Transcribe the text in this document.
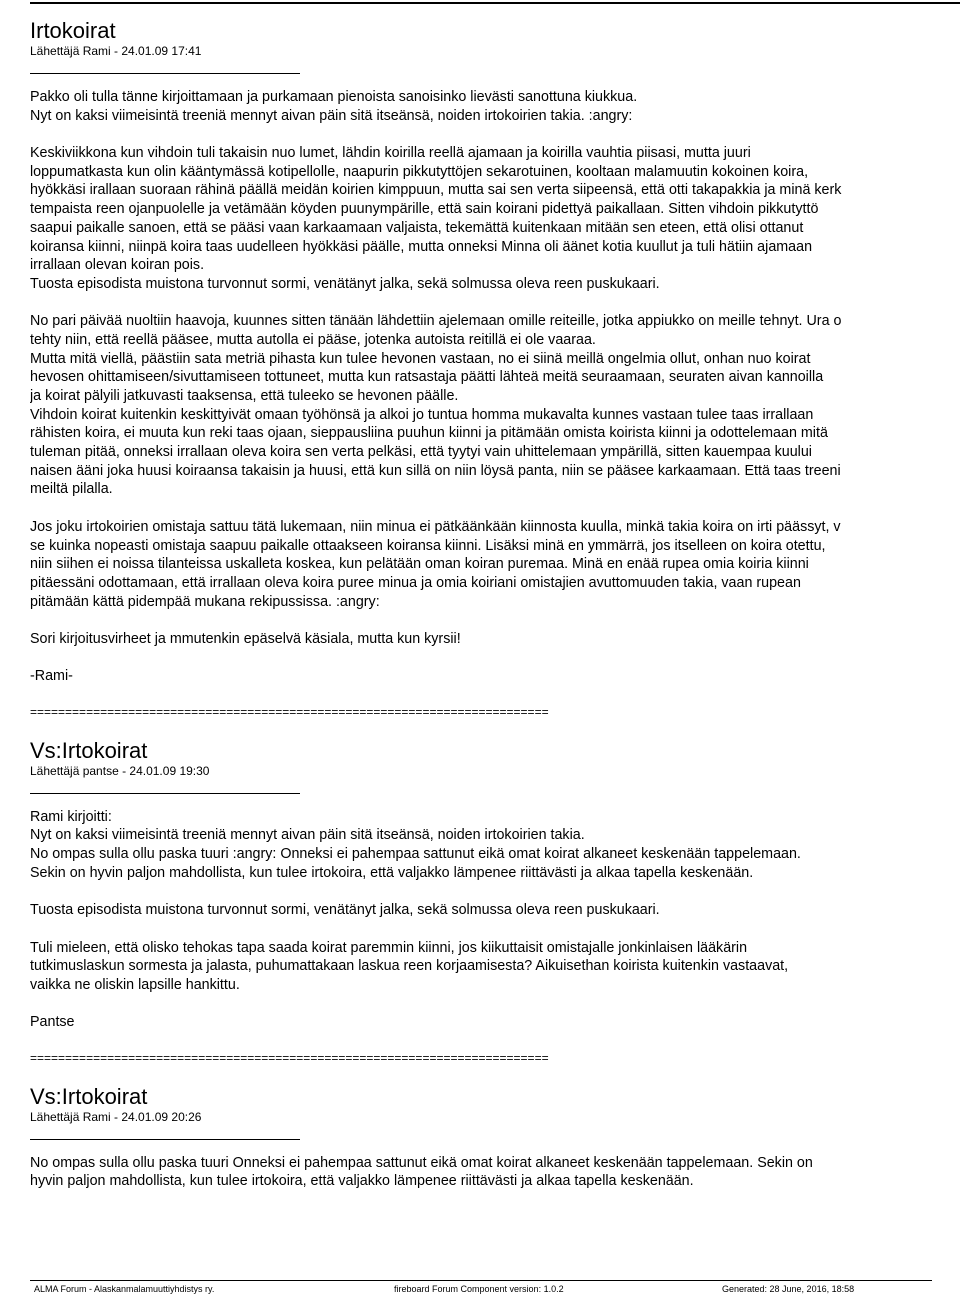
Irtokoirat
Lähettäjä Rami - 24.01.09 17:41
Pakko oli tulla tänne kirjoittamaan ja purkamaan pienoista sanoisinko lievästi sanottuna kiukkua.
Nyt on kaksi viimeisintä treeniä mennyt aivan päin sitä itseänsä, noiden irtokoirien takia. :angry:
Keskiviikkona kun vihdoin tuli takaisin nuo lumet, lähdin koirilla reellä ajamaan ja koirilla vauhtia piisasi, mutta juuri
loppumatkasta kun olin kääntymässä kotipellolle, naapurin pikkutyttöjen sekarotuinen, kooltaan malamuutin kokoinen koira,
hyökkäsi irallaan suoraan rähinä päällä meidän koirien kimppuun, mutta sai sen verta siipeensä, että otti takapakkia ja minä kerk
tempaista reen ojanpuolelle ja vetämään köyden puunympärille, että sain koirani pidettyä paikallaan. Sitten vihdoin pikkutyttö
saapui paikalle sanoen, että se pääsi vaan karkaamaan valjaista, tekemättä kuitenkaan mitään sen eteen, että olisi ottanut
koiransa kiinni, niinpä koira taas uudelleen hyökkäsi päälle, mutta onneksi Minna oli äänet kotia kuullut ja tuli hätiin ajamaan
irrallaan olevan koiran pois.
Tuosta episodista muistona turvonnut sormi, venätänyt jalka, sekä solmussa oleva reen puskukaari.
No pari päivää nuoltiin haavoja, kuunnes sitten tänään lähdettiin ajelemaan omille reiteille, jotka appiukko on meille tehnyt. Ura o
tehty niin, että reellä pääsee, mutta autolla ei pääse, jotenka autoista reitillä ei ole vaaraa.
Mutta mitä viellä, päästiin sata metriä pihasta kun tulee hevonen vastaan, no ei siinä meillä ongelmia ollut, onhan nuo koirat
hevosen ohittamiseen/sivuttamiseen tottuneet, mutta kun ratsastaja päätti lähteä meitä seuraamaan, seuraten aivan kannoilla
ja koirat pälyili jatkuvasti taaksensa, että tuleeko se hevonen päälle.
Vihdoin koirat kuitenkin keskittyivät omaan työhönsä ja alkoi jo tuntua homma mukavalta kunnes vastaan tulee taas irrallaan
rähisten koira, ei muuta kun reki taas ojaan, sieppausliina puuhun kiinni ja pitämään omista koirista kiinni ja odottelemaan mitä
tuleman pitää, onneksi irrallaan oleva koira sen verta pelkäsi, että tyytyi vain uhittelemaan ympärillä, sitten kauempaa kuului
naisen ääni joka huusi koiraansa takaisin ja huusi, että kun sillä on niin löysä panta, niin se pääsee karkaamaan. Että taas treeni
meiltä pilalla.
Jos joku irtokoirien omistaja sattuu tätä lukemaan, niin minua ei pätkäänkään kiinnosta kuulla, minkä takia koira on irti päässyt, v
se kuinka nopeasti omistaja saapuu paikalle ottaakseen koiransa kiinni. Lisäksi minä en ymmärrä, jos itselleen on koira otettu,
niin siihen ei noissa tilanteissa uskalleta koskea, kun pelätään oman koiran puremaa. Minä en enää rupea omia koiria kiinni
pitäessäni odottamaan, että irrallaan oleva koira puree minua ja omia koiriani omistajien avuttomuuden takia, vaan rupean
pitämään kättä pidempää mukana rekipussissa. :angry:
Sori kirjoitusvirheet ja mmutenkin epäselvä käsiala, mutta kun kyrsii!
-Rami-
==========================================================================
Vs:Irtokoirat
Lähettäjä pantse - 24.01.09 19:30
Rami kirjoitti:
Nyt on kaksi viimeisintä treeniä mennyt aivan päin sitä itseänsä, noiden irtokoirien takia.
No ompas sulla ollu paska tuuri :angry: Onneksi ei pahempaa sattunut eikä omat koirat alkaneet keskenään tappelemaan.
Sekin on hyvin paljon mahdollista, kun tulee irtokoira, että valjakko lämpenee riittävästi ja alkaa tapella keskenään.
Tuosta episodista muistona turvonnut sormi, venätänyt jalka, sekä solmussa oleva reen puskukaari.
Tuli mieleen, että olisko tehokas tapa saada koirat paremmin kiinni, jos kiikuttaisit omistajalle jonkinlaisen lääkärin
tutkimuslaskun sormesta ja jalasta, puhumattakaan laskua reen korjaamisesta? Aikuisethan koirista kuitenkin vastaavat,
vaikka ne oliskin lapsille hankittu.
Pantse
==========================================================================
Vs:Irtokoirat
Lähettäjä Rami - 24.01.09 20:26
No ompas sulla ollu paska tuuri Onneksi ei pahempaa sattunut eikä omat koirat alkaneet keskenään tappelemaan. Sekin on
hyvin paljon mahdollista, kun tulee irtokoira, että valjakko lämpenee riittävästi ja alkaa tapella keskenään.
ALMA Forum - Alaskanmalamuuttiyhdistys ry.	fireboard Forum Component version: 1.0.2	Generated: 28 June, 2016, 18:58
